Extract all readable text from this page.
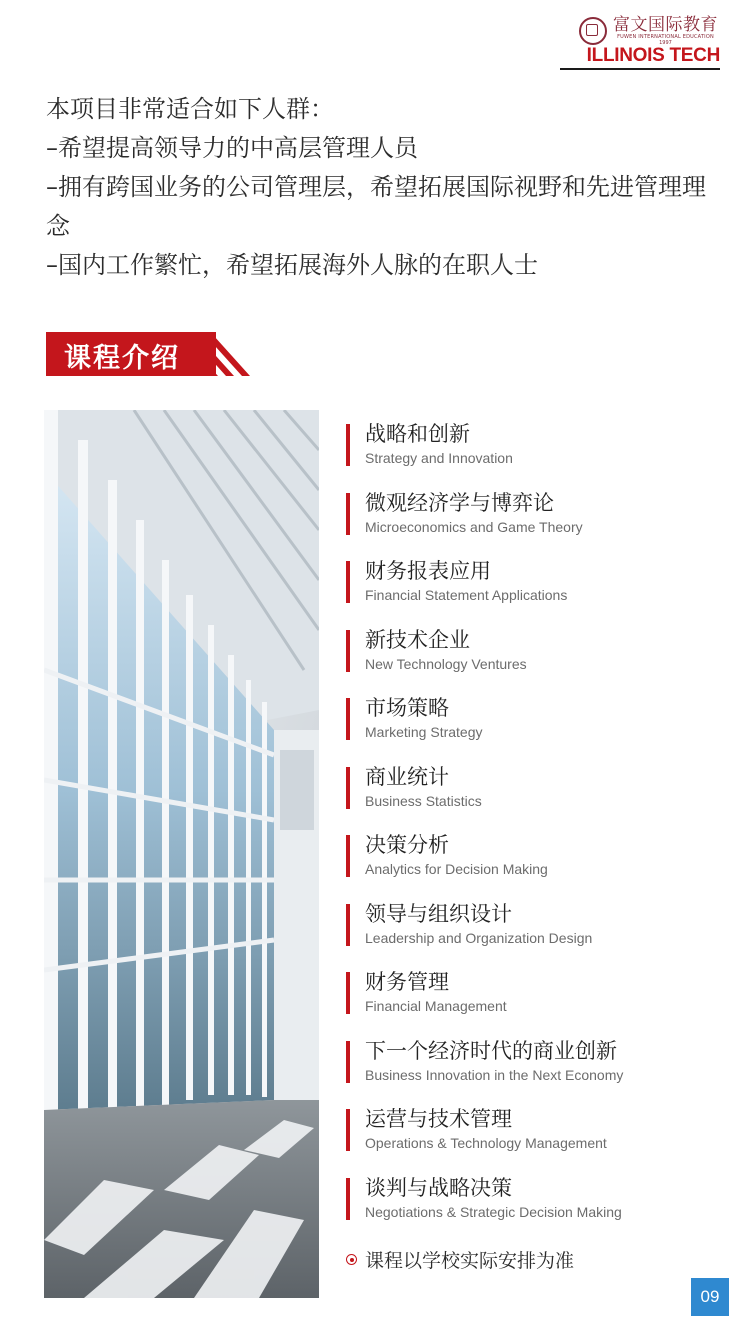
富文国际教育
FUWEN INTERNATIONAL EDUCATION
1997
ILLINOIS TECH

本项目非常适合如下人群：

–希望提高领导力的中高层管理人员

–拥有跨国业务的公司管理层，希望拓展国际视野和先进管理理念

–国内工作繁忙，希望拓展海外人脉的在职人士

课程介绍
战略和创新
Strategy and Innovation
微观经济学与博弈论
Microeconomics and Game Theory
财务报表应用
Financial Statement Applications
新技术企业
New Technology Ventures
市场策略
Marketing Strategy
商业统计
Business Statistics
决策分析
Analytics for Decision Making
领导与组织设计
Leadership and Organization Design
财务管理
Financial Management
下一个经济时代的商业创新
Business Innovation in the Next Economy
运营与技术管理
Operations & Technology Management
谈判与战略决策
Negotiations & Strategic Decision Making
课程以学校实际安排为准
09
